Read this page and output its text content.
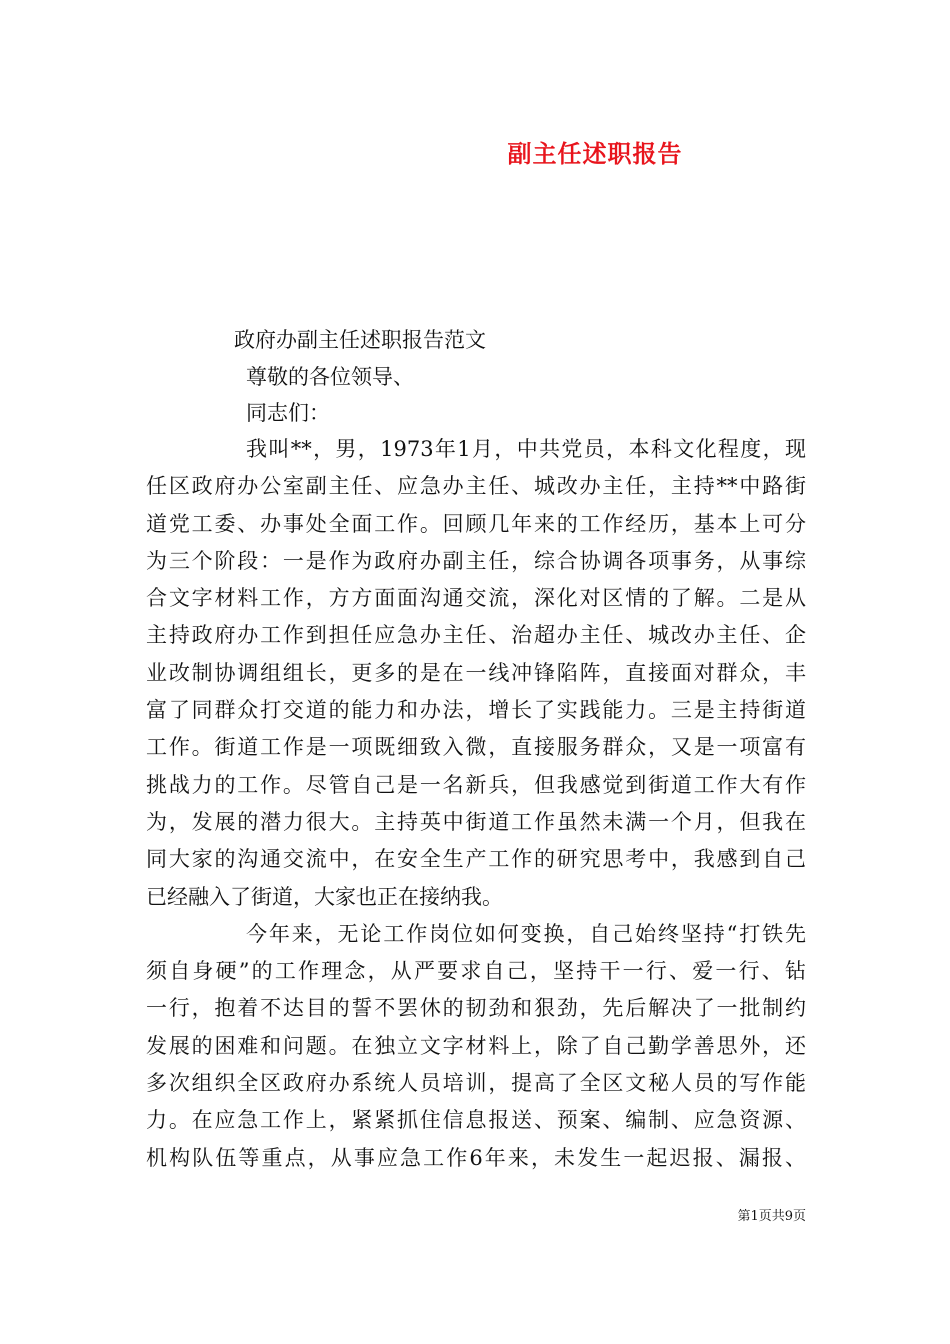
副主任述职报告
政府办副主任述职报告范文
尊敬的各位领导、
同志们：
我叫**，男，1973年1月，中共党员，本科文化程度，现
任区政府办公室副主任、应急办主任、城改办主任，主持**中路街
道党工委、办事处全面工作。回顾几年来的工作经历，基本上可分
为三个阶段：一是作为政府办副主任，综合协调各项事务，从事综
合文字材料工作，方方面面沟通交流，深化对区情的了解。二是从
主持政府办工作到担任应急办主任、治超办主任、城改办主任、企
业改制协调组组长，更多的是在一线冲锋陷阵，直接面对群众，丰
富了同群众打交道的能力和办法，增长了实践能力。三是主持街道
工作。街道工作是一项既细致入微，直接服务群众，又是一项富有
挑战力的工作。尽管自己是一名新兵，但我感觉到街道工作大有作
为，发展的潜力很大。主持英中街道工作虽然未满一个月，但我在
同大家的沟通交流中，在安全生产工作的研究思考中，我感到自己
已经融入了街道，大家也正在接纳我。
今年来，无论工作岗位如何变换，自己始终坚持“打铁先
须自身硬”的工作理念，从严要求自己，坚持干一行、爱一行、钻
一行，抱着不达目的誓不罢休的韧劲和狠劲，先后解决了一批制约
发展的困难和问题。在独立文字材料上，除了自己勤学善思外，还
多次组织全区政府办系统人员培训，提高了全区文秘人员的写作能
力。在应急工作上，紧紧抓住信息报送、预案、编制、应急资源、
机构队伍等重点，从事应急工作6年来，未发生一起迟报、漏报、
第1页共9页
